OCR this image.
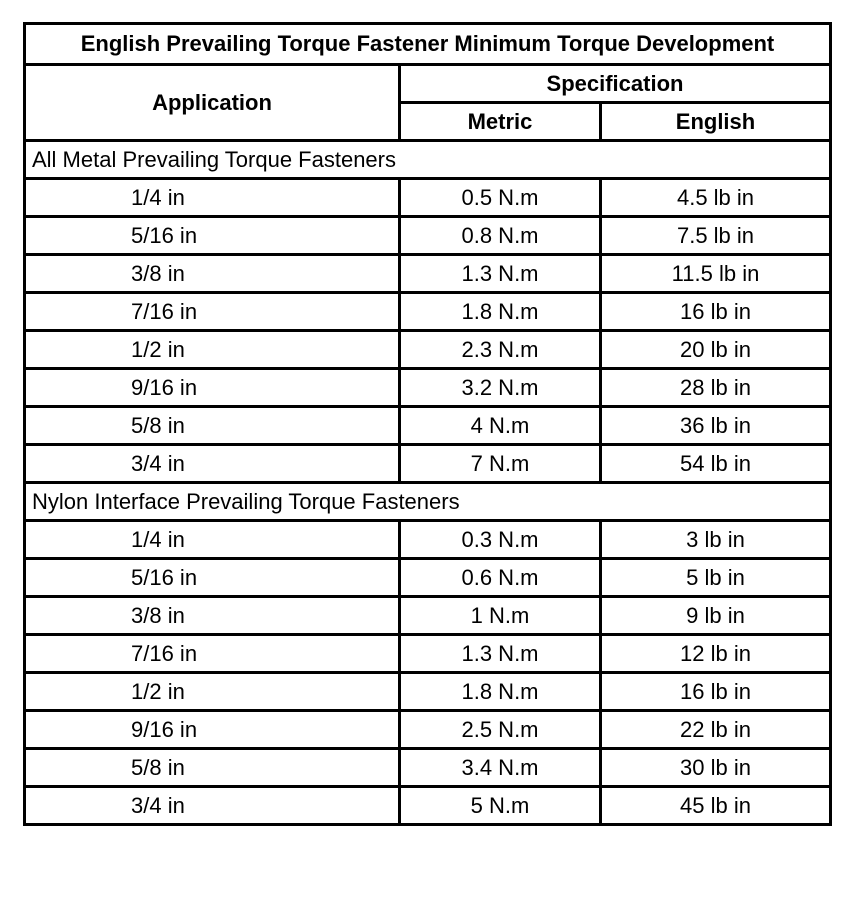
English Prevailing Torque Fastener Minimum Torque Development		
Application	Specification	
	Metric	English
All Metal Prevailing Torque Fasteners		
1/4 in	0.5 N.m	4.5 lb in
5/16 in	0.8 N.m	7.5 lb in
3/8 in	1.3 N.m	11.5 lb in
7/16 in	1.8 N.m	16 lb in
1/2 in	2.3 N.m	20 lb in
9/16 in	3.2 N.m	28 lb in
5/8 in	4 N.m	36 lb in
3/4 in	7 N.m	54 lb in
Nylon Interface Prevailing Torque Fasteners		
1/4 in	0.3 N.m	3 lb in
5/16 in	0.6 N.m	5 lb in
3/8 in	1 N.m	9 lb in
7/16 in	1.3 N.m	12 lb in
1/2 in	1.8 N.m	16 lb in
9/16 in	2.5 N.m	22 lb in
5/8 in	3.4 N.m	30 lb in
3/4 in	5 N.m	45 lb in
